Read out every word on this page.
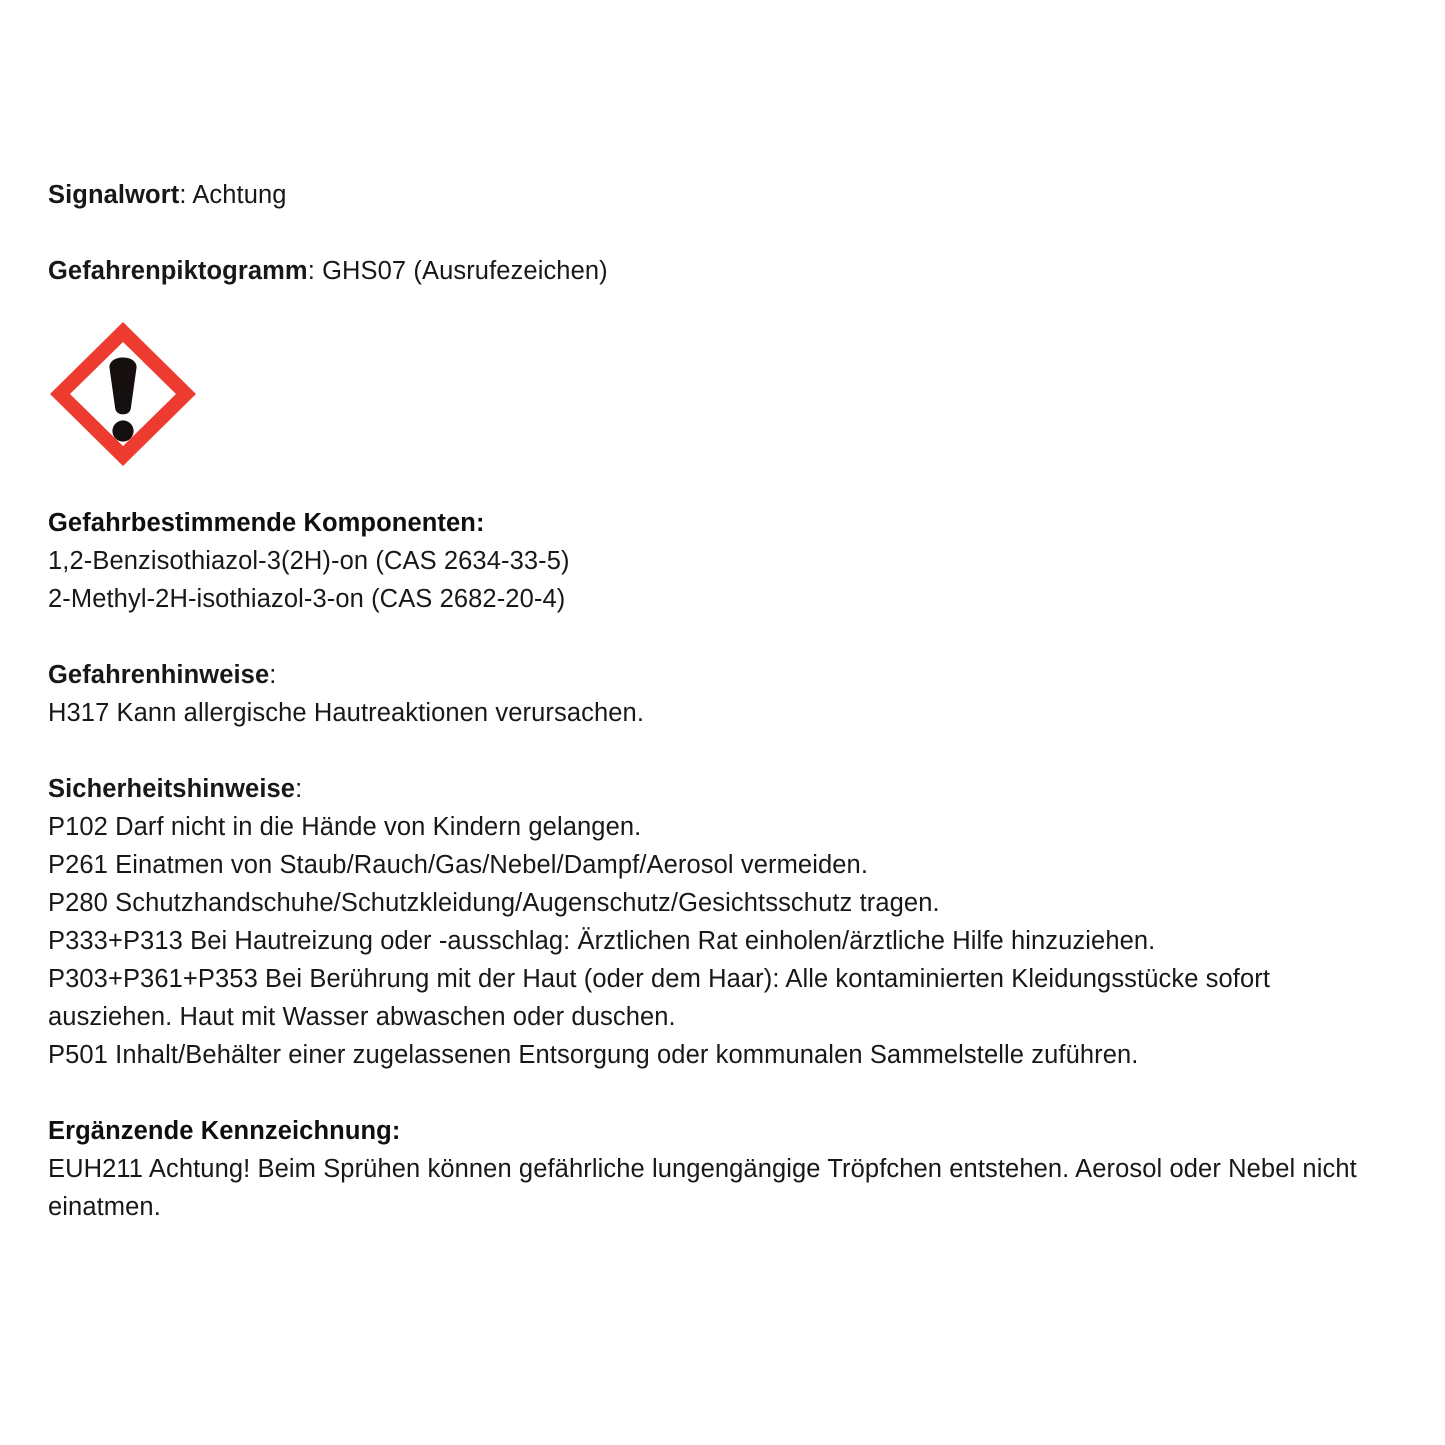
Signalwort: Achtung
Gefahrenpiktogramm: GHS07 (Ausrufezeichen)
Gefahrbestimmende Komponenten:
1,2-Benzisothiazol-3(2H)-on (CAS 2634-33-5)
2-Methyl-2H-isothiazol-3-on (CAS 2682-20-4)
Gefahrenhinweise:
H317 Kann allergische Hautreaktionen verursachen.
Sicherheitshinweise:
P102 Darf nicht in die Hände von Kindern gelangen.
P261 Einatmen von Staub/Rauch/Gas/Nebel/Dampf/Aerosol vermeiden.
P280 Schutzhandschuhe/Schutzkleidung/Augenschutz/Gesichtsschutz tragen.
P333+P313 Bei Hautreizung oder -ausschlag: Ärztlichen Rat einholen/ärztliche Hilfe hinzuziehen.
P303+P361+P353 Bei Berührung mit der Haut (oder dem Haar): Alle kontaminierten Kleidungsstücke sofort ausziehen. Haut mit Wasser abwaschen oder duschen.
P501 Inhalt/Behälter einer zugelassenen Entsorgung oder kommunalen Sammelstelle zuführen.
Ergänzende Kennzeichnung:
EUH211 Achtung! Beim Sprühen können gefährliche lungengängige Tröpfchen entstehen. Aerosol oder Nebel nicht einatmen.
